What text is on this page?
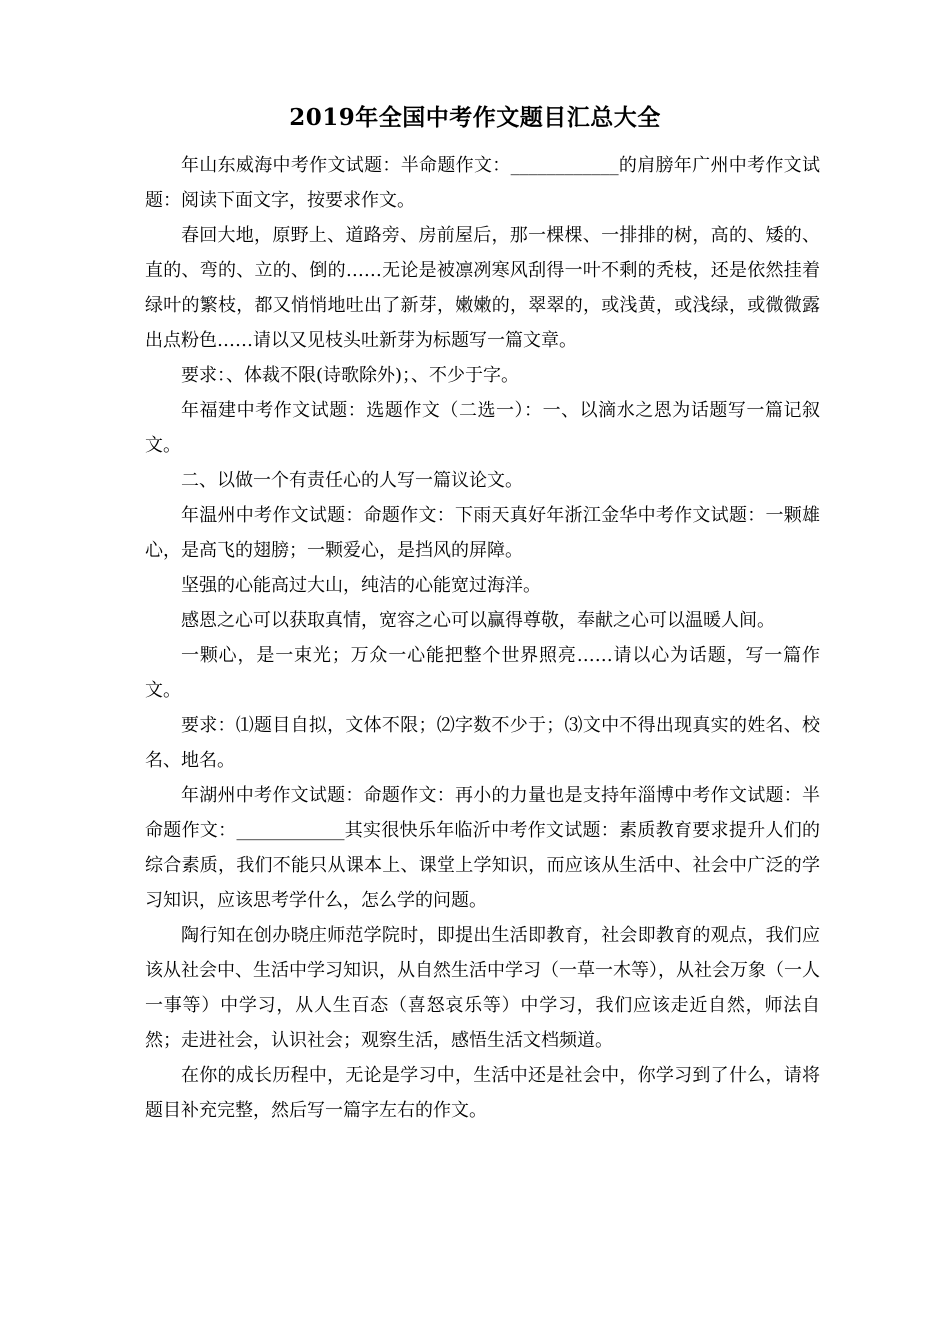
2019年全国中考作文题目汇总大全

年山东威海中考作文试题：半命题作文：____________的肩膀年广州中考作文试题：阅读下面文字，按要求作文。

春回大地，原野上、道路旁、房前屋后，那一棵棵、一排排的树，高的、矮的、直的、弯的、立的、倒的……无论是被凛冽寒风刮得一叶不剩的秃枝，还是依然挂着绿叶的繁枝，都又悄悄地吐出了新芽，嫩嫩的，翠翠的，或浅黄，或浅绿，或微微露出点粉色……请以又见枝头吐新芽为标题写一篇文章。

要求：、体裁不限(诗歌除外)；、不少于字。

年福建中考作文试题：选题作文（二选一）：一、以滴水之恩为话题写一篇记叙文。

二、以做一个有责任心的人写一篇议论文。

年温州中考作文试题：命题作文：下雨天真好年浙江金华中考作文试题：一颗雄心，是高飞的翅膀；一颗爱心，是挡风的屏障。

坚强的心能高过大山，纯洁的心能宽过海洋。

感恩之心可以获取真情，宽容之心可以赢得尊敬，奉献之心可以温暖人间。

一颗心，是一束光；万众一心能把整个世界照亮……请以心为话题，写一篇作文。

要求：⑴题目自拟，文体不限；⑵字数不少于；⑶文中不得出现真实的姓名、校名、地名。

年湖州中考作文试题：命题作文：再小的力量也是支持年淄博中考作文试题：半命题作文：____________其实很快乐年临沂中考作文试题：素质教育要求提升人们的综合素质，我们不能只从课本上、课堂上学知识，而应该从生活中、社会中广泛的学习知识，应该思考学什么，怎么学的问题。

陶行知在创办晓庄师范学院时，即提出生活即教育，社会即教育的观点，我们应该从社会中、生活中学习知识，从自然生活中学习（一草一木等），从社会万象（一人一事等）中学习，从人生百态（喜怒哀乐等）中学习，我们应该走近自然，师法自然；走进社会，认识社会；观察生活，感悟生活文档频道。

在你的成长历程中，无论是学习中，生活中还是社会中，你学习到了什么，请将题目补充完整，然后写一篇字左右的作文。
